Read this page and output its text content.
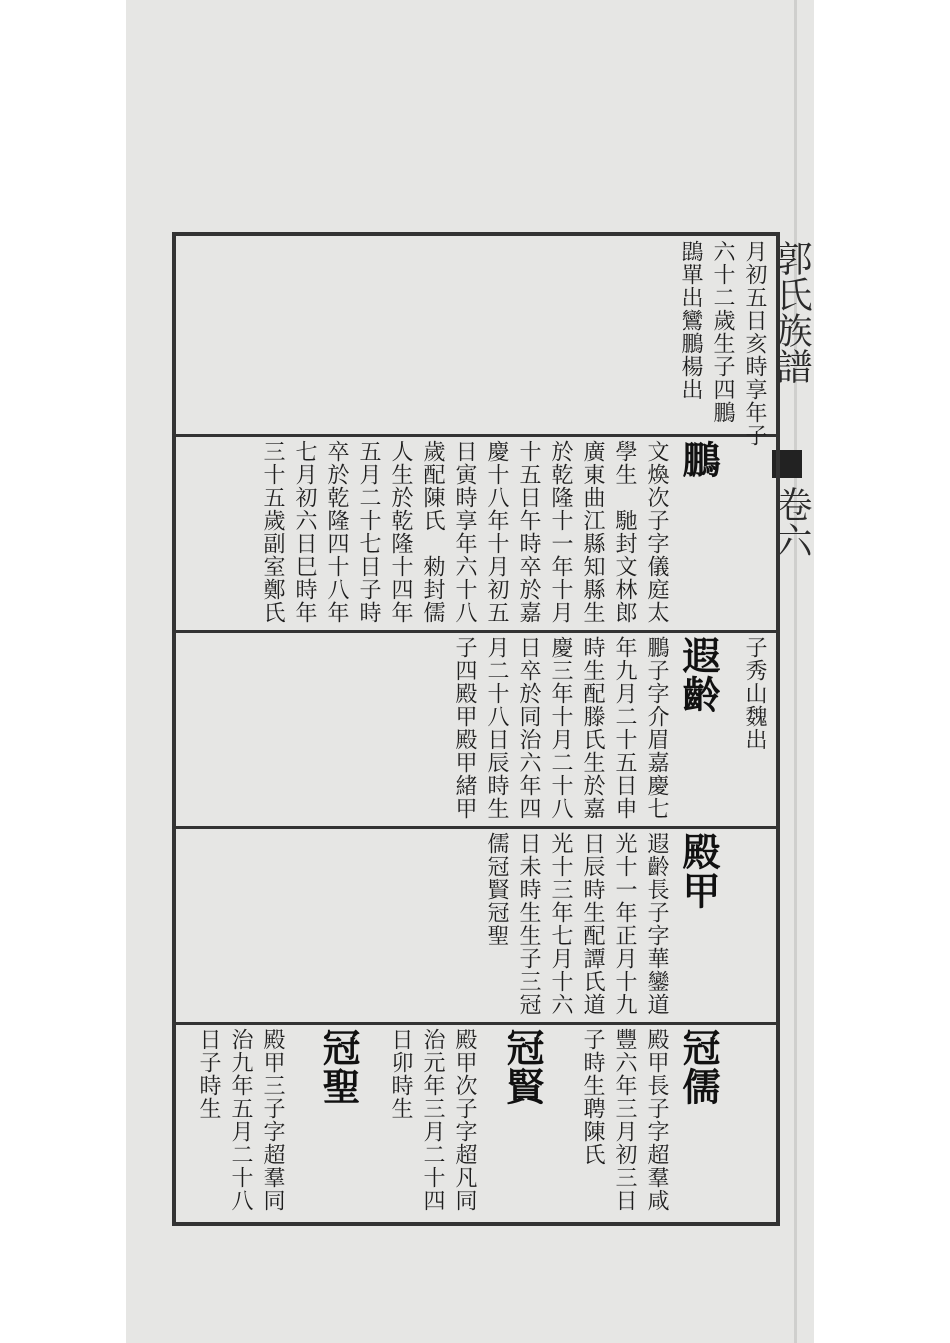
郭氏族譜
卷六
月初五日亥時享年子
六十二歲生子四鵬
鵾單出鸞鵬楊出
鵬
文煥次子字儀庭太
學生　馳封文林郎
廣東曲江縣知縣生
於乾隆十一年十月
十五日午時卒於嘉
慶十八年十月初五
日寅時享年六十八
歲配陳氏　勑封儒
人生於乾隆十四年
五月二十七日子時
卒於乾隆四十八年
七月初六日巳時年
三十五歲副室鄭氏
子秀山魏出
遐齡
鵬子字介眉嘉慶七
年九月二十五日申
時生配滕氏生於嘉
慶三年十月二十八
日卒於同治六年四
月二十八日辰時生
子四殿甲殿甲緒甲
殿甲
遐齡長子字華鑾道
光十一年正月十九
日辰時生配譚氏道
光十三年七月十六
日未時生生子三冠
儒冠賢冠聖
冠儒
殿甲長子字超羣咸
豐六年三月初三日
子時生聘陳氏
冠賢
殿甲次子字超凡同
治元年三月二十四
日卯時生
冠聖
殿甲三子字超羣同
治九年五月二十八
日子時生
